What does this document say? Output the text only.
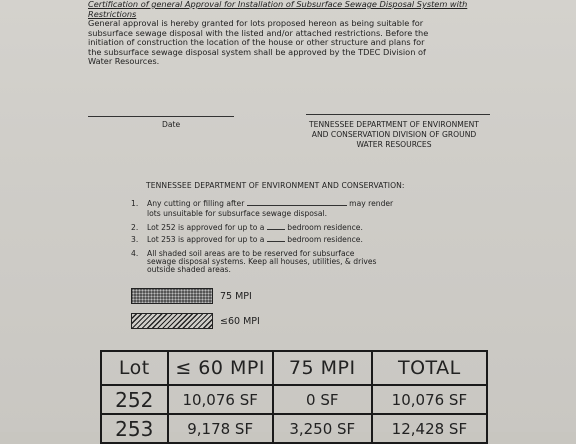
Certification of general Approval for Installation of Subsurface Sewage Disposal System with Restrictions
General approval is hereby granted for lots proposed hereon as being suitable for
subsurface sewage disposal with the listed and/or attached restrictions. Before the
initiation of construction the location of the house or other structure and plans for
the subsurface sewage disposal system shall be approved by the TDEC Division of
Water Resources.
Date	TENNESSEE DEPARTMENT OF ENVIRONMENT
AND CONSERVATION DIVISION OF GROUND
WATER RESOURCES
TENNESSEE DEPARTMENT OF ENVIRONMENT AND CONSERVATION:
1. Any cutting or filling after	may render
lots unsuitable for subsurface sewage disposal.
2. Lot 252 is approved for up to a	bedroom residence.
3. Lot 253 is approved for up to a	bedroom residence.
4. All shaded soil areas are to be reserved for subsurface
sewage disposal systems. Keep all houses, utilities, & drives
outside shaded areas.
75 MPI
≤60 MPI
Lot	≤ 60 MPI	75 MPI	TOTAL
252	10,076 SF	0 SF	10,076 SF
253	9,178 SF	3,250 SF	12,428 SF
